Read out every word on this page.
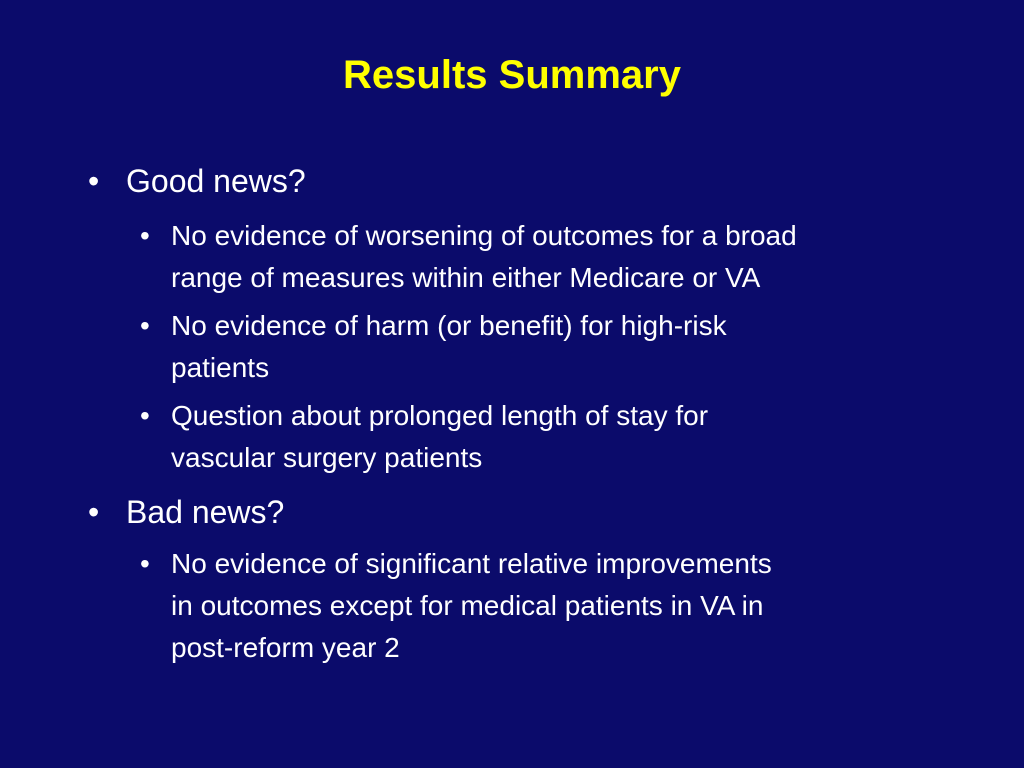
Results Summary
• Good news?
• No evidence of worsening of outcomes for a broad
range of measures within either Medicare or VA
• No evidence of harm (or benefit) for high-risk
patients
• Question about prolonged length of stay for
vascular surgery patients
• Bad news?
• No evidence of significant relative improvements
in outcomes except for medical patients in VA in
post-reform year 2
